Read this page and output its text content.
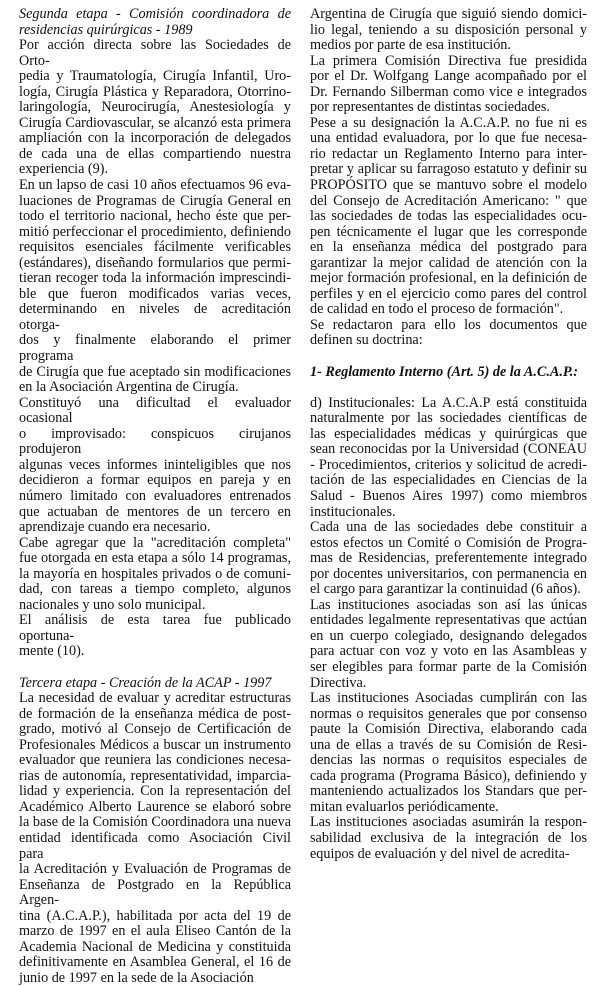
Segunda etapa - Comisión coordinadora de
residencias quirúrgicas - 1989

Por acción directa sobre las Sociedades de Orto-
pedia y Traumatología, Cirugía Infantil, Uro-
logía, Cirugía Plástica y Reparadora, Otorrino-
laringología, Neurocirugía, Anestesiología y
Cirugía Cardiovascular, se alcanzó esta primera
ampliación con la incorporación de delegados
de cada una de ellas compartiendo nuestra
experiencia (9).

En un lapso de casi 10 años efectuamos 96 eva-
luaciones de Programas de Cirugía General en
todo el territorio nacional, hecho éste que per-
mitió perfeccionar el procedimiento, definiendo
requisitos esenciales fácilmente verificables
(estándares), diseñando formularios que permi-
tieran recoger toda la información imprescindi-
ble que fueron modificados varias veces,
determinando en niveles de acreditación otorga-
dos y finalmente elaborando el primer programa
de Cirugía que fue aceptado sin modificaciones
en la Asociación Argentina de Cirugía.

Constituyó una dificultad el evaluador ocasional
o improvisado: conspicuos cirujanos produjeron
algunas veces informes ininteligibles que nos
decidieron a formar equipos en pareja y en
número limitado con evaluadores entrenados
que actuaban de mentores de un tercero en
aprendizaje cuando era necesario.

Cabe agregar que la "acreditación completa"
fue otorgada en esta etapa a sólo 14 programas,
la mayoría en hospitales privados o de comuni-
dad, con tareas a tiempo completo, algunos
nacionales y uno solo municipal.

El análisis de esta tarea fue publicado oportuna-
mente (10).

Tercera etapa - Creación de la ACAP - 1997

La necesidad de evaluar y acreditar estructuras
de formación de la enseñanza médica de post-
grado, motivó al Consejo de Certificación de
Profesionales Médicos a buscar un instrumento
evaluador que reuniera las condiciones necesa-
rias de autonomía, representatividad, imparcia-
lidad y experiencia. Con la representación del
Académico Alberto Laurence se elaboró sobre
la base de la Comisión Coordinadora una nueva
entidad identificada como Asociación Civil para
la Acreditación y Evaluación de Programas de
Enseñanza de Postgrado en la República Argen-
tina (A.C.A.P.), habilitada por acta del 19 de
marzo de 1997 en el aula Eliseo Cantón de la
Academia Nacional de Medicina y constituida
definitivamente en Asamblea General, el 16 de
junio de 1997 en la sede de la Asociación

Argentina de Cirugía que siguió siendo domici-
lio legal, teniendo a su disposición personal y
medios por parte de esa institución.

La primera Comisión Directiva fue presidida
por el Dr. Wolfgang Lange acompañado por el
Dr. Fernando Silberman como vice e integrados
por representantes de distintas sociedades.

Pese a su designación la A.C.A.P. no fue ni es
una entidad evaluadora, por lo que fue necesa-
rio redactar un Reglamento Interno para inter-
pretar y aplicar su farragoso estatuto y definir su
PROPÓSITO que se mantuvo sobre el modelo
del Consejo de Acreditación Americano: " que
las sociedades de todas las especialidades ocu-
pen técnicamente el lugar que les corresponde
en la enseñanza médica del postgrado para
garantizar la mejor calidad de atención con la
mejor formación profesional, en la definición de
perfiles y en el ejercicio como pares del control
de calidad en todo el proceso de formación".

Se redactaron para ello los documentos que
definen su doctrina:

1- Reglamento Interno (Art. 5) de la A.C.A.P.:

d) Institucionales: La A.C.A.P está constituida
naturalmente por las sociedades científicas de
las especialidades médicas y quirúrgicas que
sean reconocidas por la Universidad (CONEAU
- Procedimientos, criterios y solicitud de acredi-
tación de las especialidades en Ciencias de la
Salud - Buenos Aires 1997) como miembros
institucionales.

Cada una de las sociedades debe constituir a
estos efectos un Comité o Comisión de Progra-
mas de Residencias, preferentemente integrado
por docentes universitarios, con permanencia en
el cargo para garantizar la continuidad (6 años).

Las instituciones asociadas son así las únicas
entidades legalmente representativas que actúan
en un cuerpo colegiado, designando delegados
para actuar con voz y voto en las Asambleas y
ser elegibles para formar parte de la Comisión
Directiva.

Las instituciones Asociadas cumplirán con las
normas o requisitos generales que por consenso
paute la Comisión Directiva, elaborando cada
una de ellas a través de su Comisión de Resi-
dencias las normas o requisitos especiales de
cada programa (Programa Básico), definiendo y
manteniendo actualizados los Standars que per-
mitan evaluarlos periódicamente.

Las instituciones asociadas asumirán la respon-
sabilidad exclusiva de la integración de los
equipos de evaluación y del nivel de acredita-
